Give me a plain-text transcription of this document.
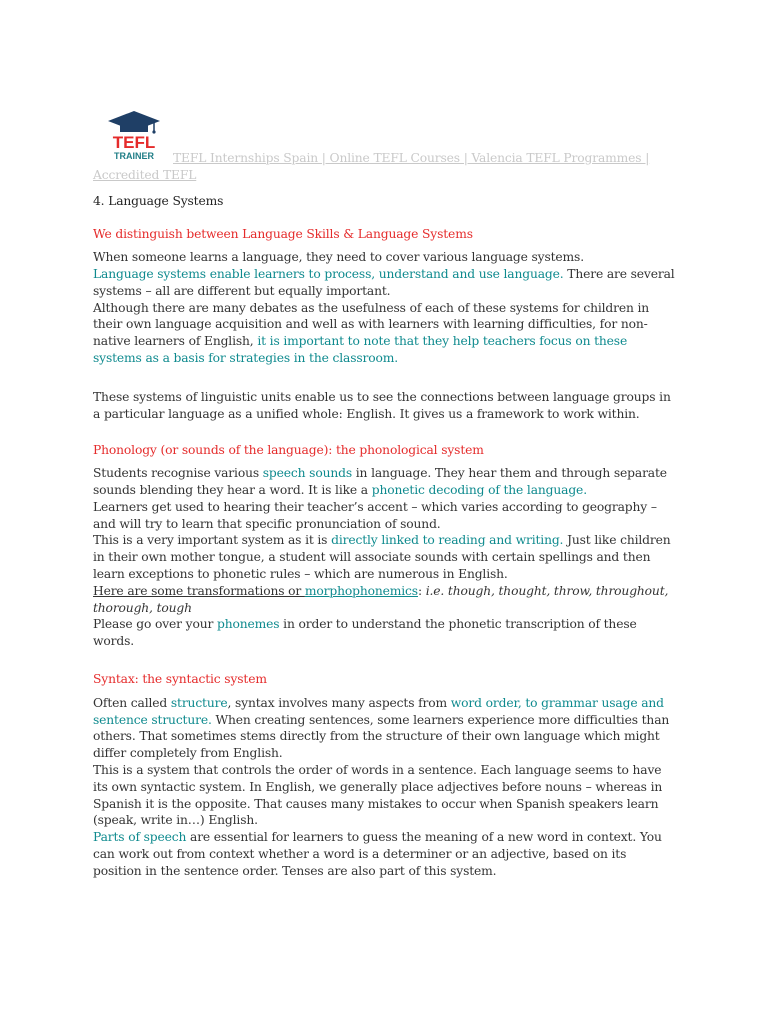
TEFL
TRAINER	TEFL Internships Spain | Online TEFL Courses | Valencia TEFL Programmes | Accredited TEFL

4. Language Systems

We distinguish between Language Skills & Language Systems

When someone learns a language, they need to cover various language systems.

Language systems enable learners to process, understand and use language. There are several systems – all are different but equally important.

Although there are many debates as the usefulness of each of these systems for children in their own language acquisition and well as with learners with learning difficulties, for non-native learners of English, it is important to note that they help teachers focus on these systems as a basis for strategies in the classroom.

These systems of linguistic units enable us to see the connections between language groups in a particular language as a unified whole: English. It gives us a framework to work within.

Phonology (or sounds of the language): the phonological system

Students recognise various speech sounds in language. They hear them and through separate sounds blending they hear a word. It is like a phonetic decoding of the language.

Learners get used to hearing their teacher’s accent – which varies according to geography – and will try to learn that specific pronunciation of sound.

This is a very important system as it is directly linked to reading and writing. Just like children in their own mother tongue, a student will associate sounds with certain spellings and then learn exceptions to phonetic rules – which are numerous in English.

Here are some transformations or morphophonemics: i.e. though, thought, throw, throughout, thorough, tough

Please go over your phonemes in order to understand the phonetic transcription of these words.

Syntax: the syntactic system

Often called structure, syntax involves many aspects from word order, to grammar usage and sentence structure. When creating sentences, some learners experience more difficulties than others. That sometimes stems directly from the structure of their own language which might differ completely from English.

This is a system that controls the order of words in a sentence. Each language seems to have its own syntactic system. In English, we generally place adjectives before nouns – whereas in Spanish it is the opposite. That causes many mistakes to occur when Spanish speakers learn (speak, write in…) English.

Parts of speech are essential for learners to guess the meaning of a new word in context. You can work out from context whether a word is a determiner or an adjective, based on its position in the sentence order. Tenses are also part of this system.
